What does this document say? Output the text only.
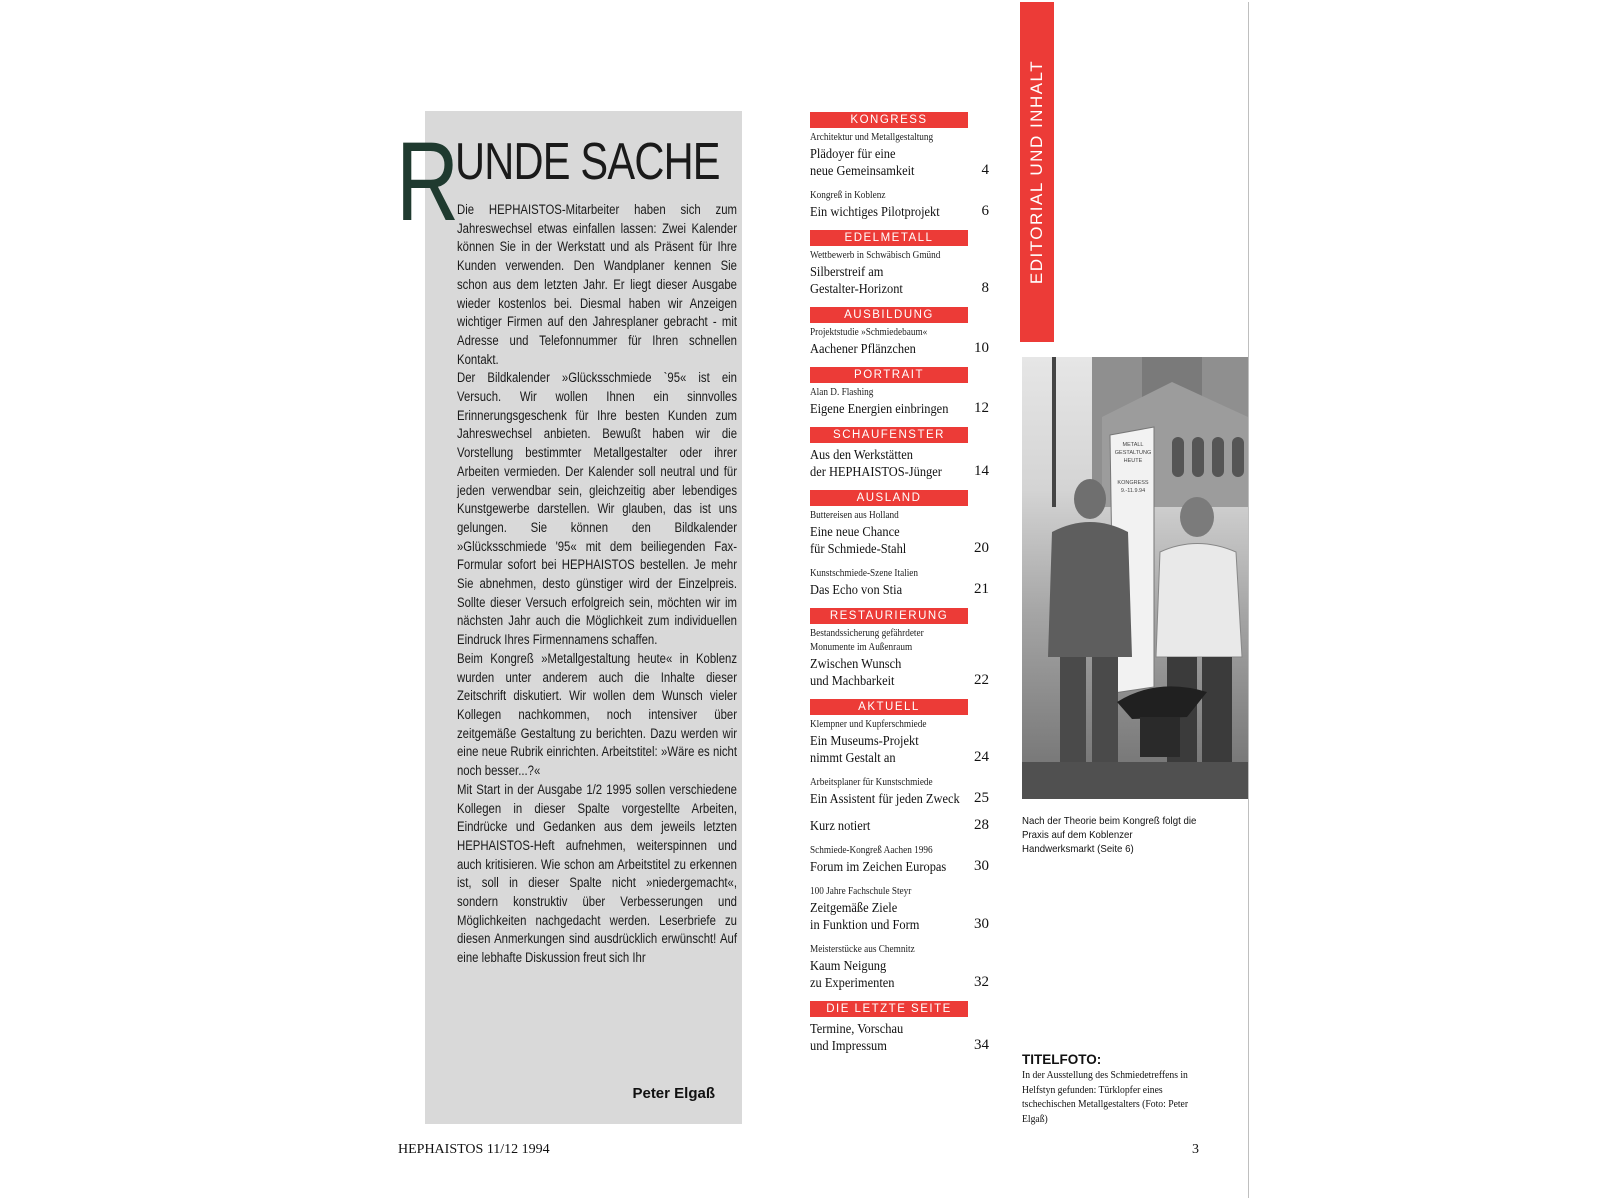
R
UNDE SACHE

Die HEPHAISTOS-Mitarbeiter haben sich zum Jahreswechsel etwas einfallen lassen: Zwei Kalender können Sie in der Werkstatt und als Präsent für Ihre Kunden verwenden. Den Wandplaner kennen Sie schon aus dem letzten Jahr. Er liegt dieser Ausgabe wieder kostenlos bei. Diesmal haben wir Anzeigen wichtiger Firmen auf den Jahresplaner gebracht - mit Adresse und Telefonnummer für Ihren schnellen Kontakt.

Der Bildkalender »Glücksschmiede `95« ist ein Versuch. Wir wollen Ihnen ein sinnvolles Erinnerungsgeschenk für Ihre besten Kunden zum Jahreswechsel anbieten. Bewußt haben wir die Vorstellung bestimmter Metallgestalter oder ihrer Arbeiten vermieden. Der Kalender soll neutral und für jeden verwendbar sein, gleichzeitig aber lebendiges Kunstgewerbe darstellen. Wir glauben, das ist uns gelungen. Sie können den Bildkalender »Glücksschmiede '95« mit dem beiliegenden Fax-Formular sofort bei HEPHAISTOS bestellen. Je mehr Sie abnehmen, desto günstiger wird der Einzelpreis. Sollte dieser Versuch erfolgreich sein, möchten wir im nächsten Jahr auch die Möglichkeit zum individuellen Eindruck Ihres Firmennamens schaffen.

Beim Kongreß »Metallgestaltung heute« in Koblenz wurden unter anderem auch die Inhalte dieser Zeitschrift diskutiert. Wir wollen dem Wunsch vieler Kollegen nachkommen, noch intensiver über zeitgemäße Gestaltung zu berichten. Dazu werden wir eine neue Rubrik einrichten. Arbeitstitel: »Wäre es nicht noch besser...?«

Mit Start in der Ausgabe 1/2 1995 sollen verschiedene Kollegen in dieser Spalte vorgestellte Arbeiten, Eindrücke und Gedanken aus dem jeweils letzten HEPHAISTOS-Heft aufnehmen, weiterspinnen und auch kritisieren. Wie schon am Arbeitstitel zu erkennen ist, soll in dieser Spalte nicht »niedergemacht«, sondern konstruktiv über Verbesserungen und Möglichkeiten nachgedacht werden. Leserbriefe zu diesen Anmerkungen sind ausdrücklich erwünscht! Auf eine lebhafte Diskussion freut sich Ihr

Peter Elgaß
HEPHAISTOS 11/12 1994	3
KONGRESS
Architektur und Metallgestaltung
Plädoyer für eine
neue Gemeinsamkeit	4
Kongreß in Koblenz
Ein wichtiges Pilotprojekt	6
EDELMETALL
Wettbewerb in Schwäbisch Gmünd
Silberstreif am
Gestalter-Horizont	8
AUSBILDUNG
Projektstudie »Schmiedebaum«
Aachener Pflänzchen	10
PORTRAIT
Alan D. Flashing
Eigene Energien einbringen	12
SCHAUFENSTER
Aus den Werkstätten
der HEPHAISTOS-Jünger	14
AUSLAND
Buttereisen aus Holland
Eine neue Chance
für Schmiede-Stahl	20
Kunstschmiede-Szene Italien
Das Echo von Stia	21
RESTAURIERUNG
Bestandssicherung gefährdeter
Monumente im Außenraum
Zwischen Wunsch
und Machbarkeit	22
AKTUELL
Klempner und Kupferschmiede
Ein Museums-Projekt
nimmt Gestalt an	24
Arbeitsplaner für Kunstschmiede
Ein Assistent für jeden Zweck 25
Kurz notiert	28
Schmiede-Kongreß Aachen 1996
Forum im Zeichen Europas	30
100 Jahre Fachschule Steyr
Zeitgemäße Ziele
in Funktion und Form	30
Meisterstücke aus Chemnitz
Kaum Neigung
zu Experimenten	32
DIE LETZTE SEITE
Termine, Vorschau
und Impressum	34
EDITORIAL UND INHALT
METALL
GESTALTUNG
HEUTE
KONGRESS
9.-11.9.94
Nach der Theorie beim Kongreß folgt die Praxis auf dem Koblenzer Handwerksmarkt (Seite 6)
TITELFOTO:
In der Ausstellung des Schmiedetreffens in Helfstyn gefunden: Türklopfer eines tschechischen Metallgestalters (Foto: Peter Elgaß)
